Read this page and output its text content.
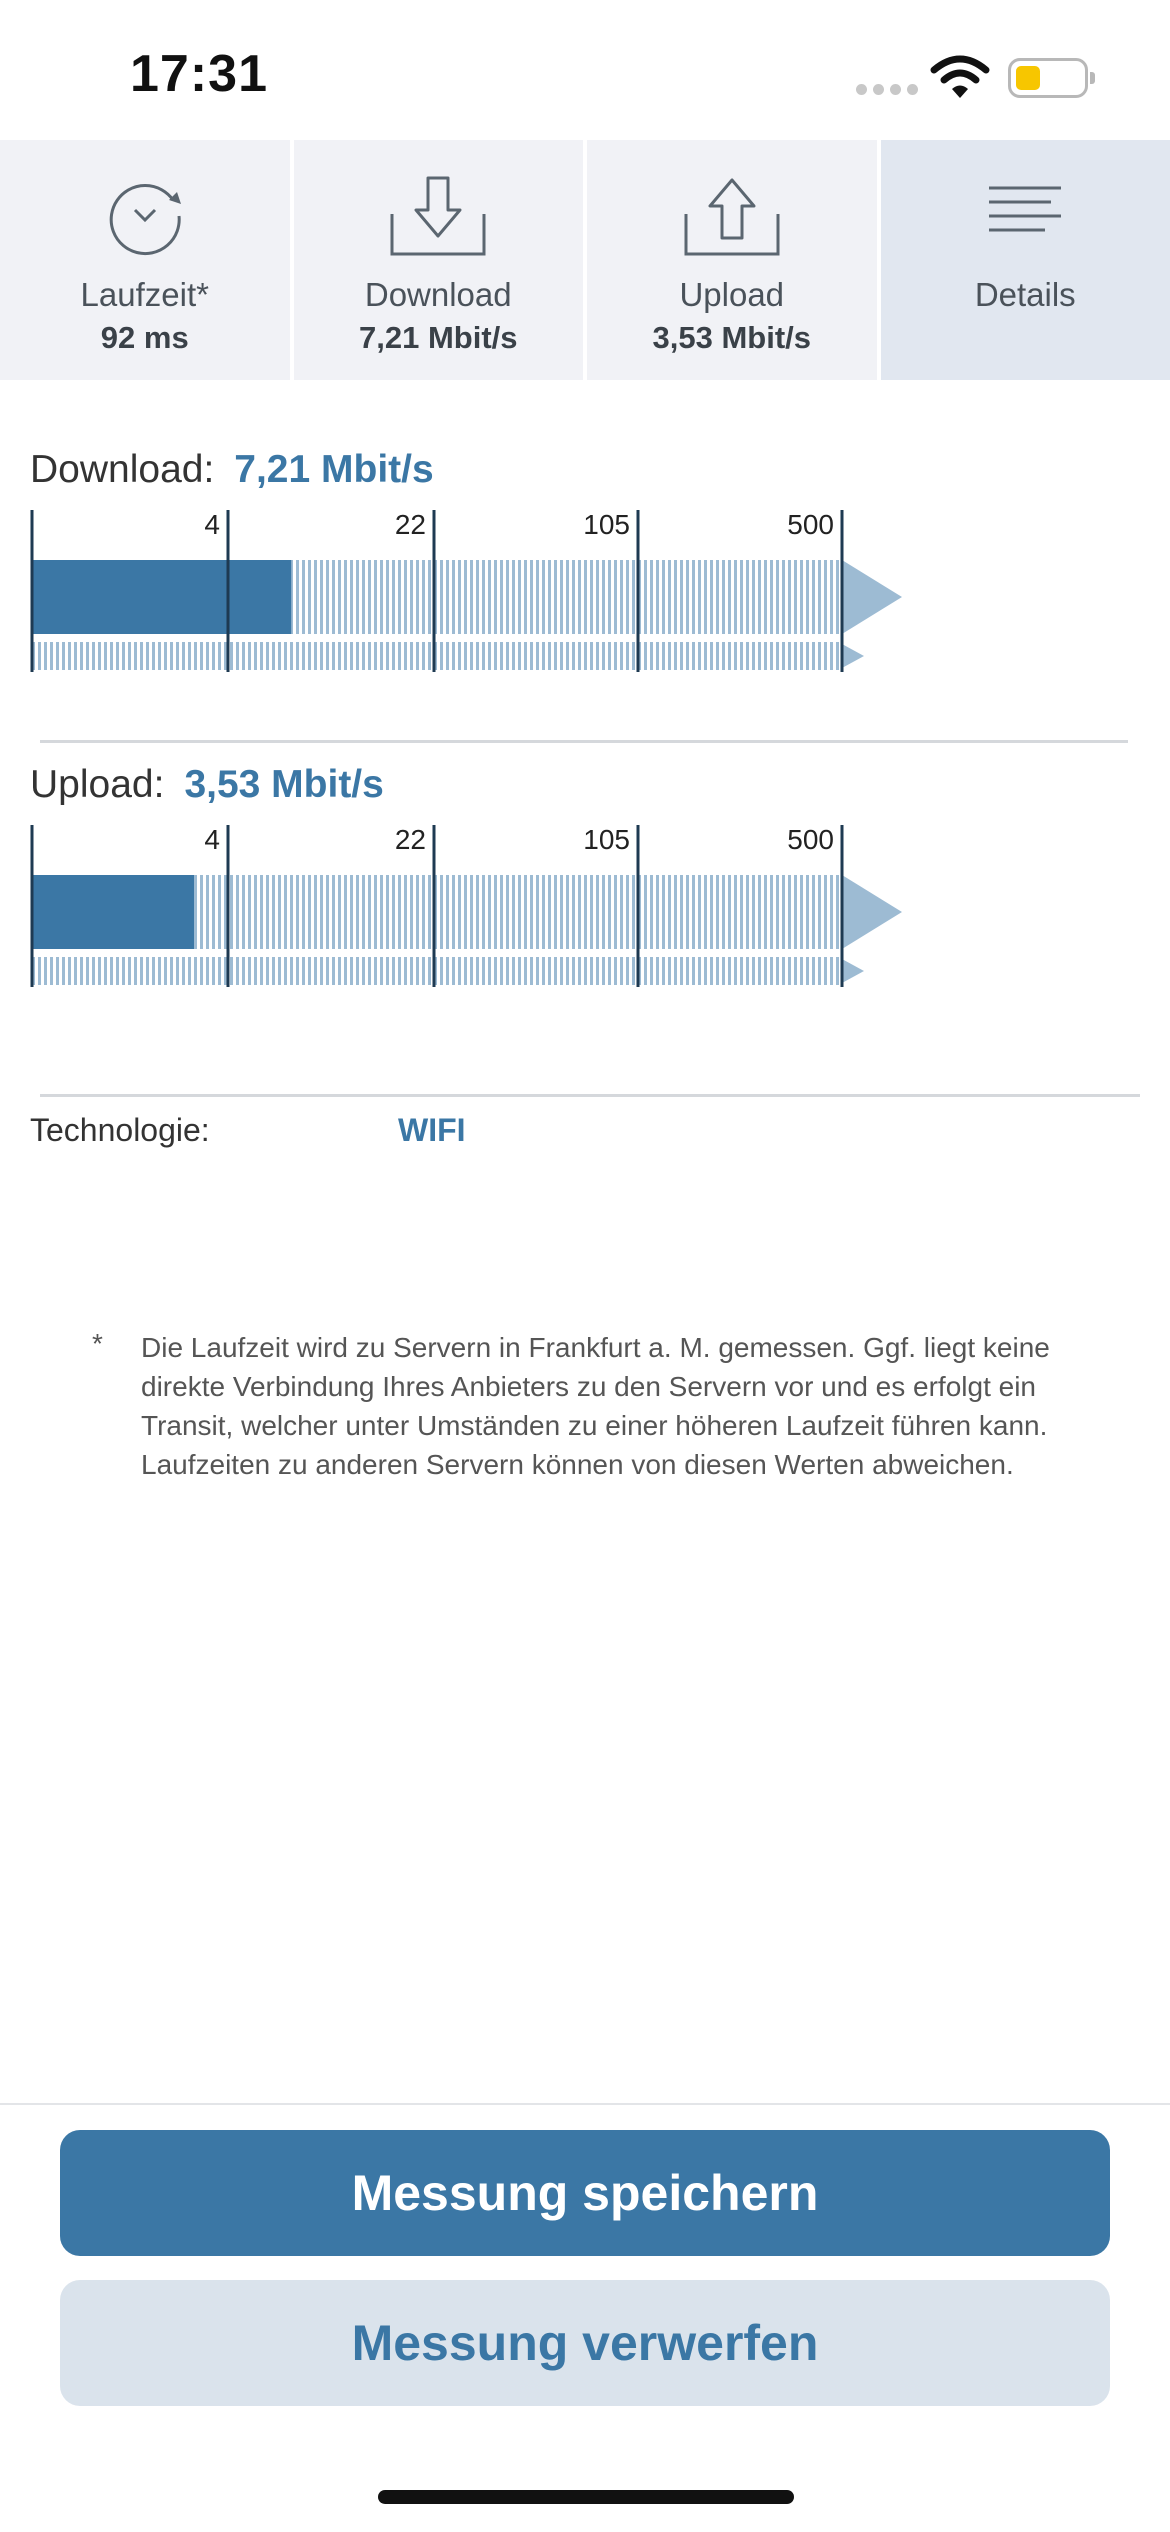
17:31
Laufzeit*
92 ms
Download
7,21 Mbit/s
Upload
3,53 Mbit/s
Details
Download: 7,21 Mbit/s
4	22	105	500
Upload: 3,53 Mbit/s
4	22	105	500
Technologie:	WIFI
* Die Laufzeit wird zu Servern in Frankfurt a. M. gemessen. Ggf. liegt keine direkte Verbindung Ihres Anbieters zu den Servern vor und es erfolgt ein Transit, welcher unter Umständen zu einer höheren Laufzeit führen kann. Laufzeiten zu anderen Servern können von diesen Werten abweichen.
Messung speichern
Messung verwerfen
